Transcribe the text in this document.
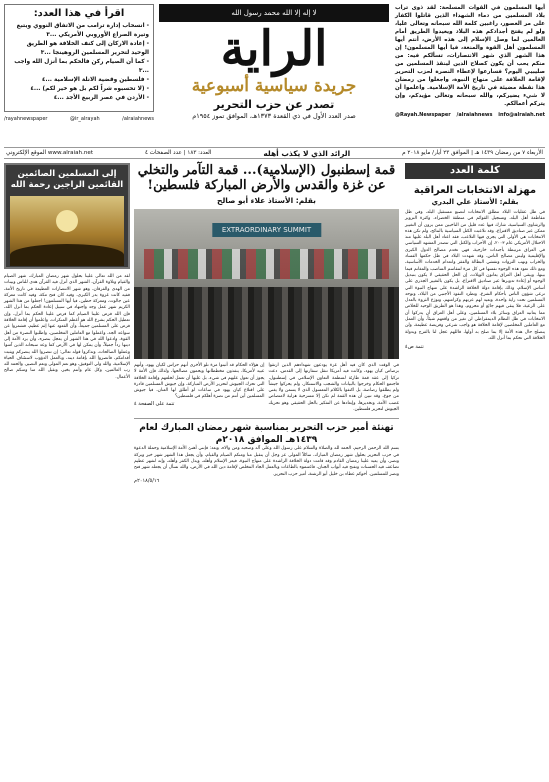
أيها المسلمون في القوات المسلحة: لقد ذوى تراب بلاد المسلمين من دماء الشهداء الذين قاتلوا الكفار على مر العصور، راغبين كلمة الله سبحانه وتعالى عليا، ولو لم يفتح أجدادكم هذه البلاد ويعيدوا الطريق أمام العالمين لما وصل الإسلام إلى هذه الأرض، أنتم أيها المسلمون أهل القوة والمنعة، فيا أيها المسلمون! إن هذا الشهر الذي شهر الانتصارات، تسألكم فيه: من منكم يحب أن يكون كصلاح الدين لينقذ المسلمين من صليبيي اليوم؟ فسارعوا لإعطاء النصرة لحزب التحرير لإقامة الخلافة على منهاج النبوة، واجعلوا من رمضان هذا نقطة مضيئة في تاريخ الأمة الإسلامية. واعلموا أن لا شيء يضيركم، والله سبحانه وتعالى مؤيدكم، وإن يتركم أعمالكم.
@Rayah.Newspaper /alraiahnews info@alraiah.net
لا إله إلا الله محمد رسول الله
الراية
جريدة سياسية أسبوعية
تصدر عن حزب التحرير
صدر العدد الأول في ذي القعدة ١٣٧٣هـ، الموافق تموز ١٩٥٤م
اقرأ في هذا العدد:
- انسحاب إدارة ترامب من الاتفاق النووي ويتبع وتيرة الصراع الأوروبي الأمريكي ...٣
- إعادة الاركان إلى كنف الخلافة هو الطريق الوحيد لتحرير المسلمين الروهينجا ...٣
- كما أن الصيام ركن فالحكم بما أنزل الله واجب ...٣
- فلسطين وقضية الانلة الإسلامية ...٤
- (لا تحسبوه شراً لكم بل هو خير لكم) ...٤
- الأردن في عصر الربيع الأجد ...٤
/rayahnewspaper	@ir_alrayah	/alraiahnews
الأربعاء ٧ من رمضان ١٤٣٩ هـ | الموافق ٢٣ أيار/ مايو ٢٠١٨ م
الرائد الذي لا يكذب أهله
العدد: ١٨٣ | عدد الصفحات ٤
www.alraiah.net الموقع الإلكتروني
كلمة العدد
مهزلة الانتخابات العراقية
بقلم: الأستاذ علي البدري

في ظل عقليات البلاد تنطلق الانتخابات لتصنع مستقبل البلد، وفي ظل مقاطعة أهل البلد، وتسجيل القوائم في منطقة الخضراء، وكثرة التزوير والرشاوى السياسية، شارك فيها عدد قليل من الناخبين ممن يرون أن التغيير ممكن عبر صناديق الاقتراع، وقد تلاعبت الكتل السياسية بالنتائج، ولم تكن هذه الانتخابات هي الأولى التي يجري فيها التلاعب، فقد اعتاد أهل البلد عليها منذ الاحتلال الأمريكي عام ٢٠٠٣، إن الأحزاب والكتل التي تتصدر المشهد السياسي في العراق مرتبطة بأجندات خارجية، فهي تخدم مصالح الدول الكبرى والإقليمية وليس مصالح الناس، وقد شهدت البلاد في ظل حكمها الفساد والخراب ونهب الثروات وتفشي البطالة والفقر وانعدام الخدمات الأساسية، ومع ذلك تعود هذه الوجوه نفسها في كل مرة لتتقاسم المناصب والمغانم فيما بينها، ويبقى أهل العراق يعانون الويلات، إن الحل الحقيقي لا يكون بتبديل الوجوه أو إعادة تدويرها عبر صناديق الاقتراع، بل يكون بالتغيير الجذري على أساس الإسلام، وذلك بإقامة دولة الخلافة الراشدة على منهاج النبوة التي ترعى شؤون الناس بأحكام الشرع، وتطرد النفوذ الأجنبي من البلاد، وتوحد المسلمين تحت راية واحدة، وتعيد لهم عزتهم وكرامتهم، وتوزع الثروة بالعدل على الرعية، فلا يبقى فيهم جائع أو محروم، وهذا هو الطريق الوحيد للخلاص مما يعانيه العراق وسائر بلاد المسلمين، وعلى أهل العراق أن يدركوا أن الانتخابات في ظل النظام الديمقراطي لن تغير من واقعهم شيئاً، وأن العمل مع العاملين المخلصين لإقامة الخلافة هو واجب شرعي وفريضة عظيمة، ولن ينصلح حال هذه الأمة إلا بما صلح به أولها، فاللهم عجل لنا بالفرج وبدولة الخلافة التي تحكم بما أنزل الله.

تتمة ص٤
قمة إسطنبول (الإسلامية)... قمة التآمر والتخلي عن غزة والقدس والأرض المباركة فلسطين!
بقلم: الأستاذ علاء أبو صالح
EXTRAORDINARY SUMMIT

في الوقت الذي كان فيه أهل غزة يودعون شهداءهم الذين ارتقوا برصاص كيان يهود، وكانت فيه أمريكا تنقل سفارتها إلى القدس، دعت تركيا إلى عقد قمة طارئة لمنظمة التعاون الإسلامي في إسطنبول، فاجتمع الحكام وخرجوا بالبيانات والشجب والاستنكار، ولم يحركوا جيشاً ولم يطلقوا رصاصة، بل اكتفوا بالكلام المعسول الذي لا يسمن ولا يغني من جوع، وقد تبين أن هذه القمة لم تكن إلا مسرحية هزلية لامتصاص غضب الأمة، وتخديرها، وإبعادها عن التفكير بالحل الحقيقي وهو تحريك الجيوش لتحرير فلسطين.

إن هؤلاء الحكام قد أثبتوا مرة تلو الأخرى أنهم حراس لكيان يهود، وأنهم عبيد لأمريكا، ينفذون مخططاتها ويحمون مصالحها، ولذلك فإن الأمة لا يجوز أن تعول عليهم في شيء، بل عليها أن تعمل لخلعهم وإقامة الخلافة التي تحرك الجيوش لتحرير الأرض المباركة، وإن جيوش المسلمين قادرة على اقتلاع كيان يهود في ساعات لو أطلق لها العنان، فيا جيوش المسلمين أين أنتم من نصرة أهلكم في فلسطين؟

تتمة على الصفحة ٤
تهنئة أمير حزب التحرير بمناسبة شهر رمضان المبارك لعام ١٤٣٩هـ الموافق ٢٠١٨م

بسم الله الرحمن الرحيم، الحمد لله والصلاة والسلام على رسول الله وعلى آله وصحبه ومن والاه، وبعد: فإنني أهنئ الأمة الإسلامية وحملة الدعوة في حزب التحرير بحلول شهر رمضان المبارك، سائلاً المولى عز وجل أن يتقبل منا ومنكم الصيام والقيام، وأن يجعل هذا الشهر شهر خير وبركة ونصر، وأن يعيد علينا رمضان القادم وقد قامت دولة الخلافة الراشدة على منهاج النبوة، فيعز الإسلام وأهله، ويذل الكفر وأهله، وإنه لشهر عظيم تضاعف فيه الحسنات وتفتح فيه أبواب الجنان، فاغتنموه بالطاعات وبالعمل الجاد المخلص لإقامة دين الله في الأرض، والله نسأل أن يجعله شهر فتح ونصر للمسلمين. أخوكم عطاء بن خليل أبو الرشتة، أمير حزب التحرير.

٢٠١٨/٥/١٦م
إلى المسلمين الصائمين القائمين الراجين رحمة الله

لقد من الله تعالى علينا بحلول شهر رمضان المبارك، شهر الصيام والقيام وتلاوة القرآن، الشهر الذي أنزل فيه القرآن هدى للناس وبينات من الهدى والفرقان، وهو شهر الانتصارات العظيمة في تاريخ الأمة، ففيه كانت غزوة بدر الكبرى، وفيه كان فتح مكة، وفيه كانت معركة عين جالوت، ومعركة حطين، فيا أيها المسلمون! اجعلوا من هذا الشهر الكريم شهر عمل وجد واجتهاد في سبيل إعادة الحكم بما أنزل الله، فإن الله فرض علينا الصيام كما فرض علينا الحكم بما أنزل، وإن تعطيل الحكم بشرع الله هو أعظم المنكرات، واعلموا أن إقامة الخلافة فرض على المسلمين جميعاً، وأن القعود عنها إثم عظيم، فشمروا عن سواعد الجد، واعملوا مع العاملين المخلصين، واطلبوا النصرة من أهل القوة، وادعوا الله في هذا الشهر أن يعجل بنصره، وأن يرد الأمة إلى دينها رداً جميلاً، وأن يمكن لها في الأرض كما وعد سبحانه الذين آمنوا وعملوا الصالحات، وتذكروا قوله تعالى: إن تنصروا الله ينصركم ويثبت أقدامكم، فانصروا الله بإقامة دينه، وبالعمل الدؤوب لاستئناف الحياة الإسلامية، والله ولي التوفيق، وهو نعم المولى ونعم النصير، والحمد لله رب العالمين، وكل عام وأنتم بخير، وتقبل الله منا ومنكم صالح الأعمال.
